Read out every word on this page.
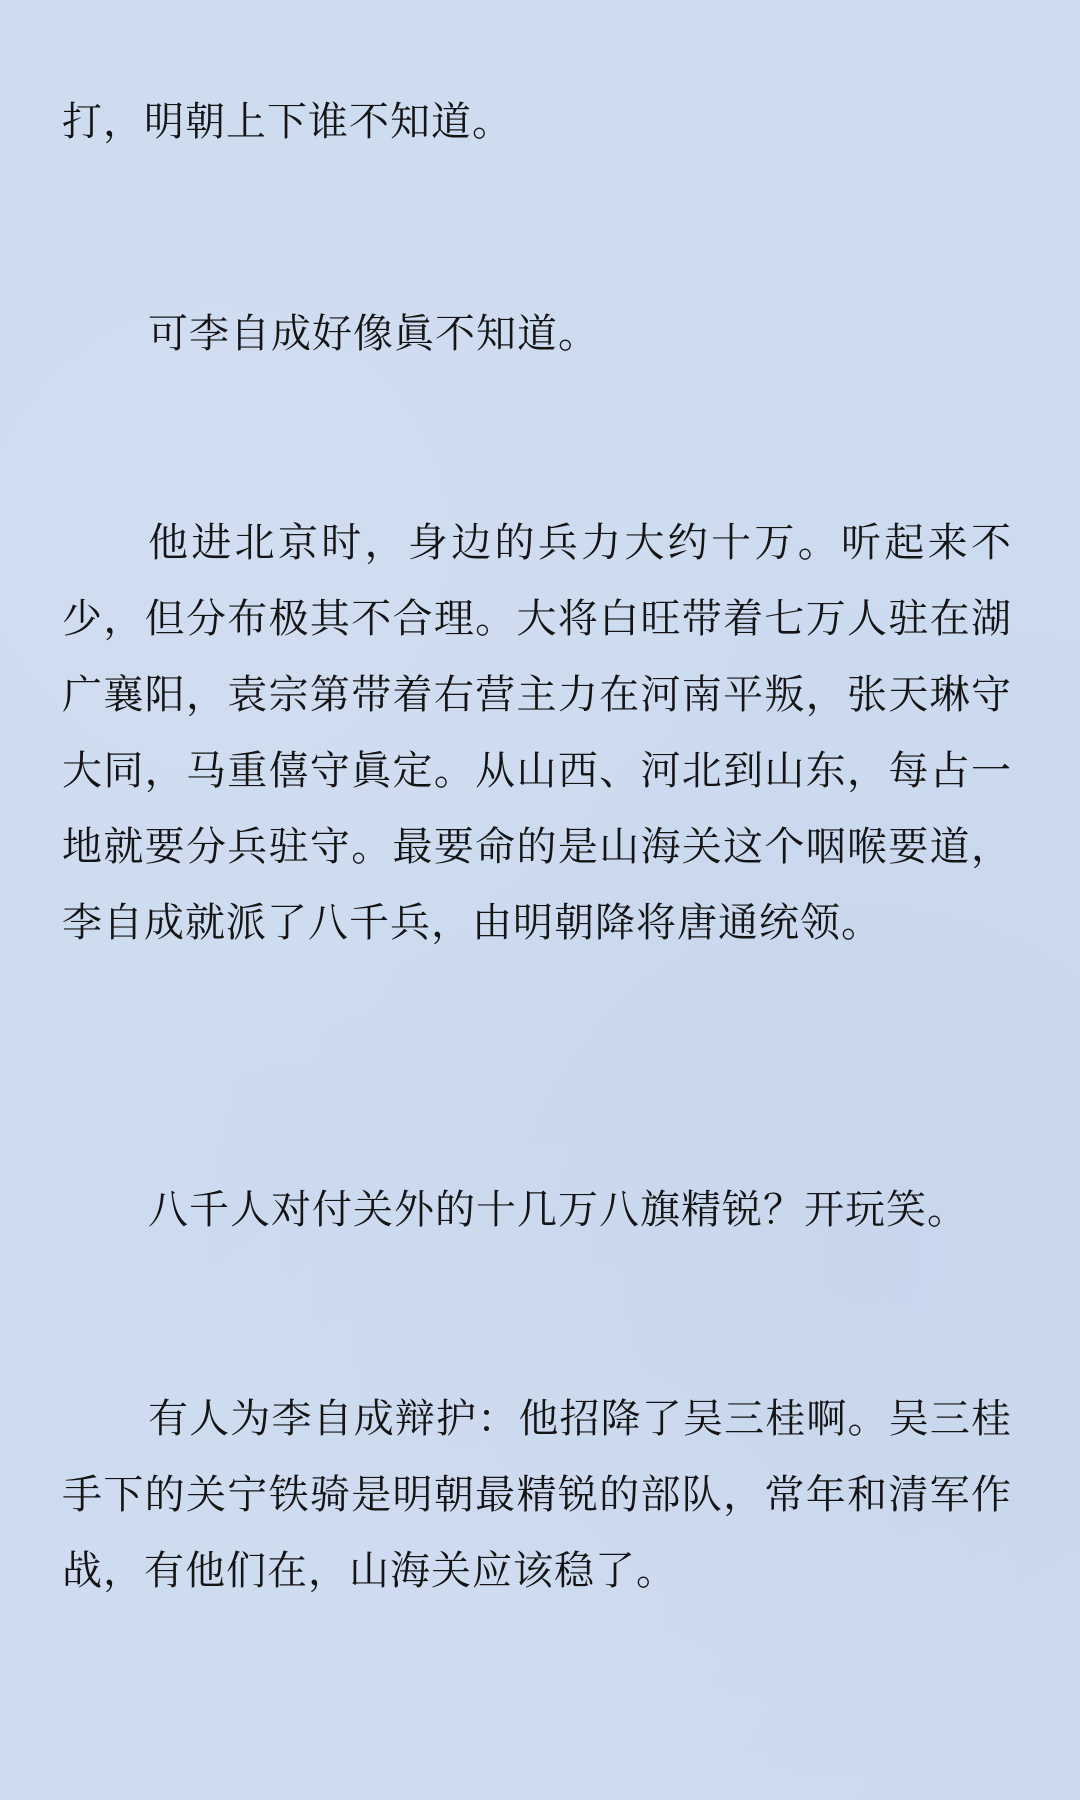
打，明朝上下谁不知道。

可李自成好像眞不知道。

他进北京时，身边的兵力大约十万。听起来不少，但分布极其不合理。大将白旺带着七万人驻在湖广襄阳，袁宗第带着右营主力在河南平叛，张天琳守大同，马重僖守眞定。从山西、河北到山东，每占一地就要分兵驻守。最要命的是山海关这个咽喉要道，李自成就派了八千兵，由明朝降将唐通统领。

八千人对付关外的十几万八旗精锐？开玩笑。

有人为李自成辩护：他招降了吴三桂啊。吴三桂手下的关宁铁骑是明朝最精锐的部队，常年和清军作战，有他们在，山海关应该稳了。
